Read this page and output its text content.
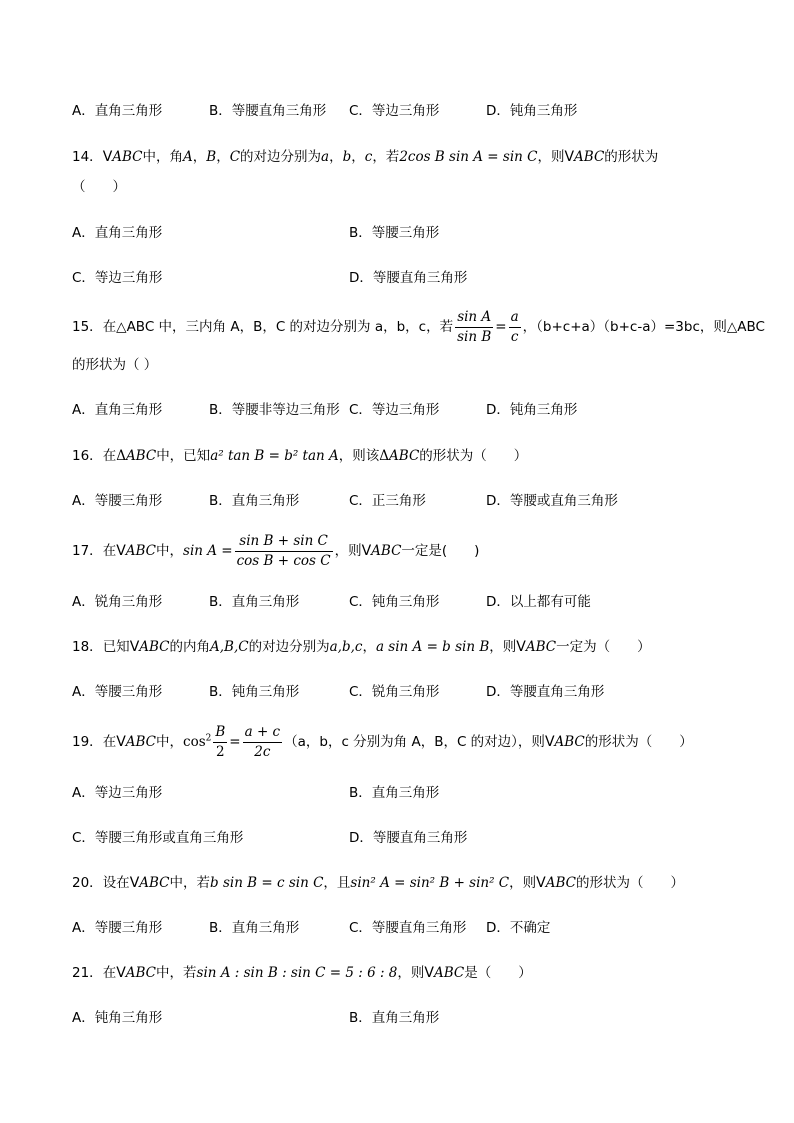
A．直角三角形	B．等腰直角三角形 C．等边三角形	D．钝角三角形
14．VABC中，角A，B，C的对边分别为a，b，c，若2cos B sin A = sin C，则VABC的形状为
（　　）
A．直角三角形	B．等腰三角形
C．等边三角形	D．等腰直角三角形
15．在△ABC 中，三内角 A，B，C 的对边分别为 a，b，c，若 $\frac{\text{sin A}}{\text{sin B}} = \frac{a}{c}$ ，（b+c+a）（b+c-a）=3bc，则△ABC
的形状为（ ）
A．直角三角形	B．等腰非等边三角形 C．等边三角形	D．钝角三角形
16．在ΔABC中，已知a² tan B = b² tan A，则该ΔABC的形状为（　　）
A．等腰三角形	B．直角三角形	C．正三角形	D．等腰或直角三角形
17．在VABC中，$\sin A = \frac{\text{sin B + sin C}}{\text{cos B + cos C}}$ ，则VABC一定是(　　)
A．锐角三角形	B．直角三角形	C．钝角三角形	D．以上都有可能
18．已知VABC的内角A,B,C的对边分别为a,b,c，a sin A = b sin B，则VABC一定为（　　）
A．等腰三角形	B．钝角三角形	C．锐角三角形	D．等腰直角三角形
19．在VABC中，$\cos^2 \frac{B}{2} = \frac{a + c}{2c} (a$，b，c 分别为角 A，B，C 的对边），则VABC的形状为（　　）
A．等边三角形	B．直角三角形
C．等腰三角形或直角三角形	D．等腰直角三角形
20．设在VABC中，若b sin B = c sin C，且sin² A = sin² B + sin² C，则VABC的形状为（　　）
A．等腰三角形	B．直角三角形	C．等腰直角三角形 D．不确定
21．在VABC中，若sin A : sin B : sin C = 5 : 6 : 8，则VABC是（　　）
A．钝角三角形	B．直角三角形
